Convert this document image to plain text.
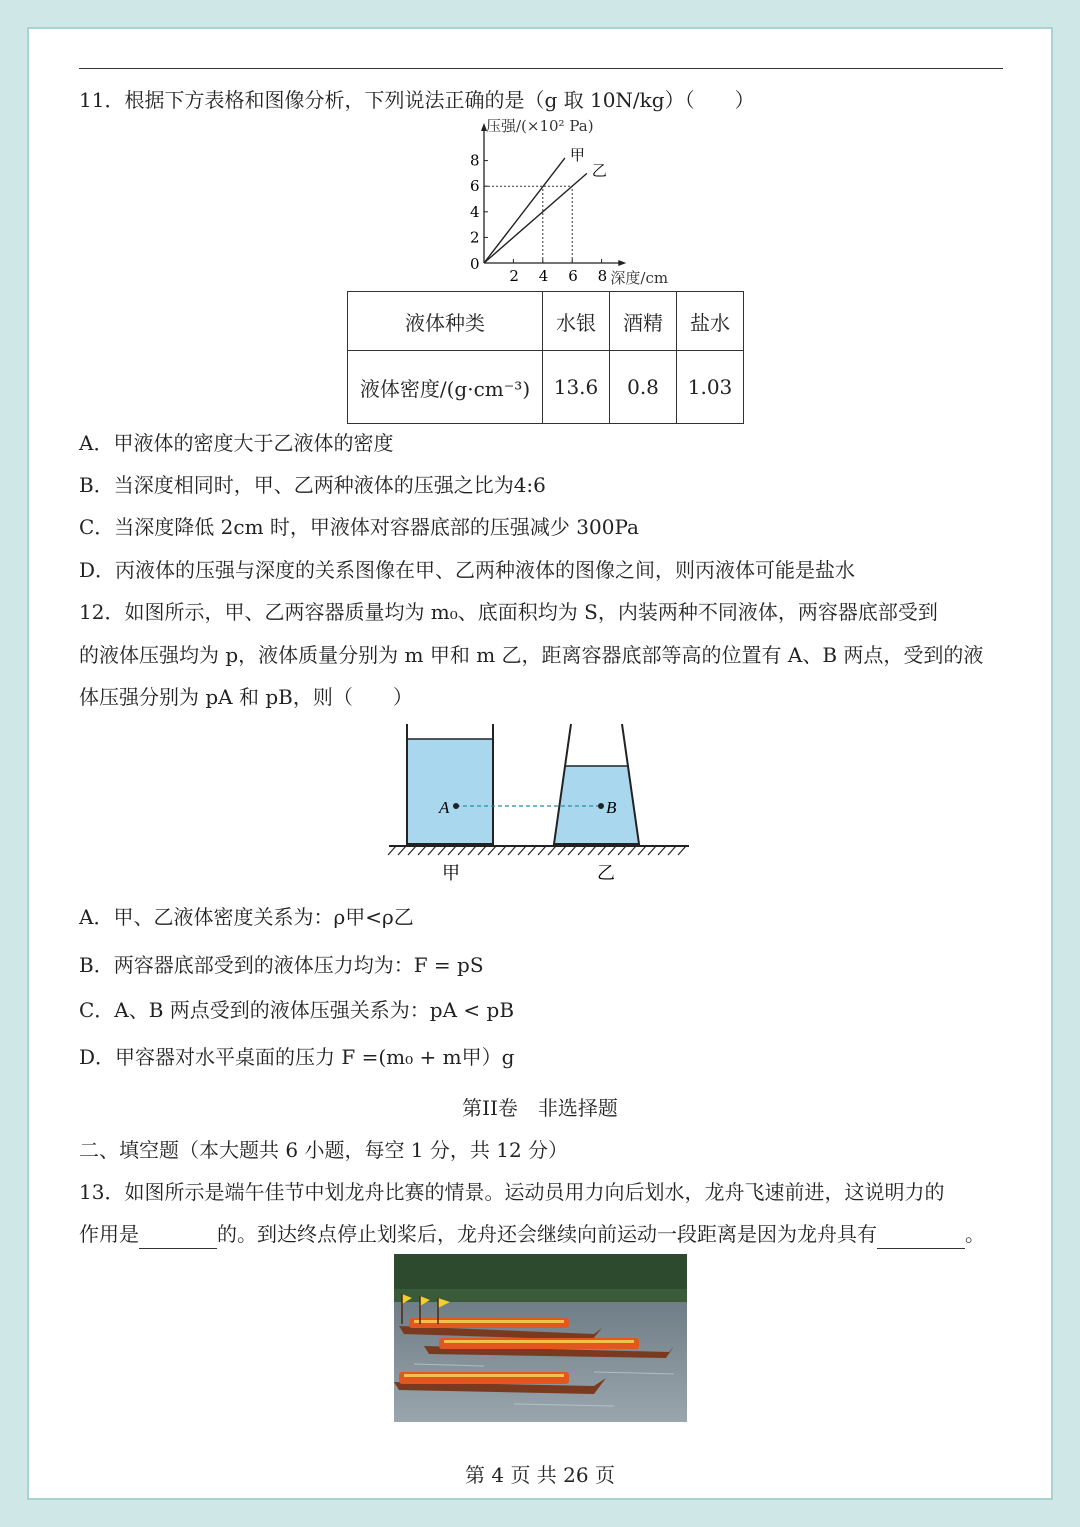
11．根据下方表格和图像分析，下列说法正确的是（g 取 10N/kg）（　　）
压强/(×10² Pa)
深度/cm
0
2 4 6 8
2
4
6
8	甲
乙
液体种类	水银	酒精	盐水
液体密度/(g·cm⁻³)	13.6	0.8	1.03
A．甲液体的密度大于乙液体的密度
B．当深度相同时，甲、乙两种液体的压强之比为4:6
C．当深度降低 2cm 时，甲液体对容器底部的压强减少 300Pa
D．丙液体的压强与深度的关系图像在甲、乙两种液体的图像之间，则丙液体可能是盐水
12．如图所示，甲、乙两容器质量均为 m₀、底面积均为 S，内装两种不同液体，两容器底部受到
的液体压强均为 p，液体质量分别为 m 甲和 m 乙，距离容器底部等高的位置有 A、B 两点，受到的液
体压强分别为 pA 和 pB，则（　　）
A	B
甲	乙
A．甲、乙液体密度关系为：ρ甲<ρ乙
B．两容器底部受到的液体压力均为：F = pS
C．A、B 两点受到的液体压强关系为：pA < pB
D．甲容器对水平桌面的压力 F =(m₀ + m甲）g
第II卷　非选择题
二、填空题（本大题共 6 小题，每空 1 分，共 12 分）
13．如图所示是端午佳节中划龙舟比赛的情景。运动员用力向后划水，龙舟飞速前进，这说明力的
作用是	的。到达终点停止划桨后，龙舟还会继续向前运动一段距离是因为龙舟具有	。
第 4 页 共 26 页
